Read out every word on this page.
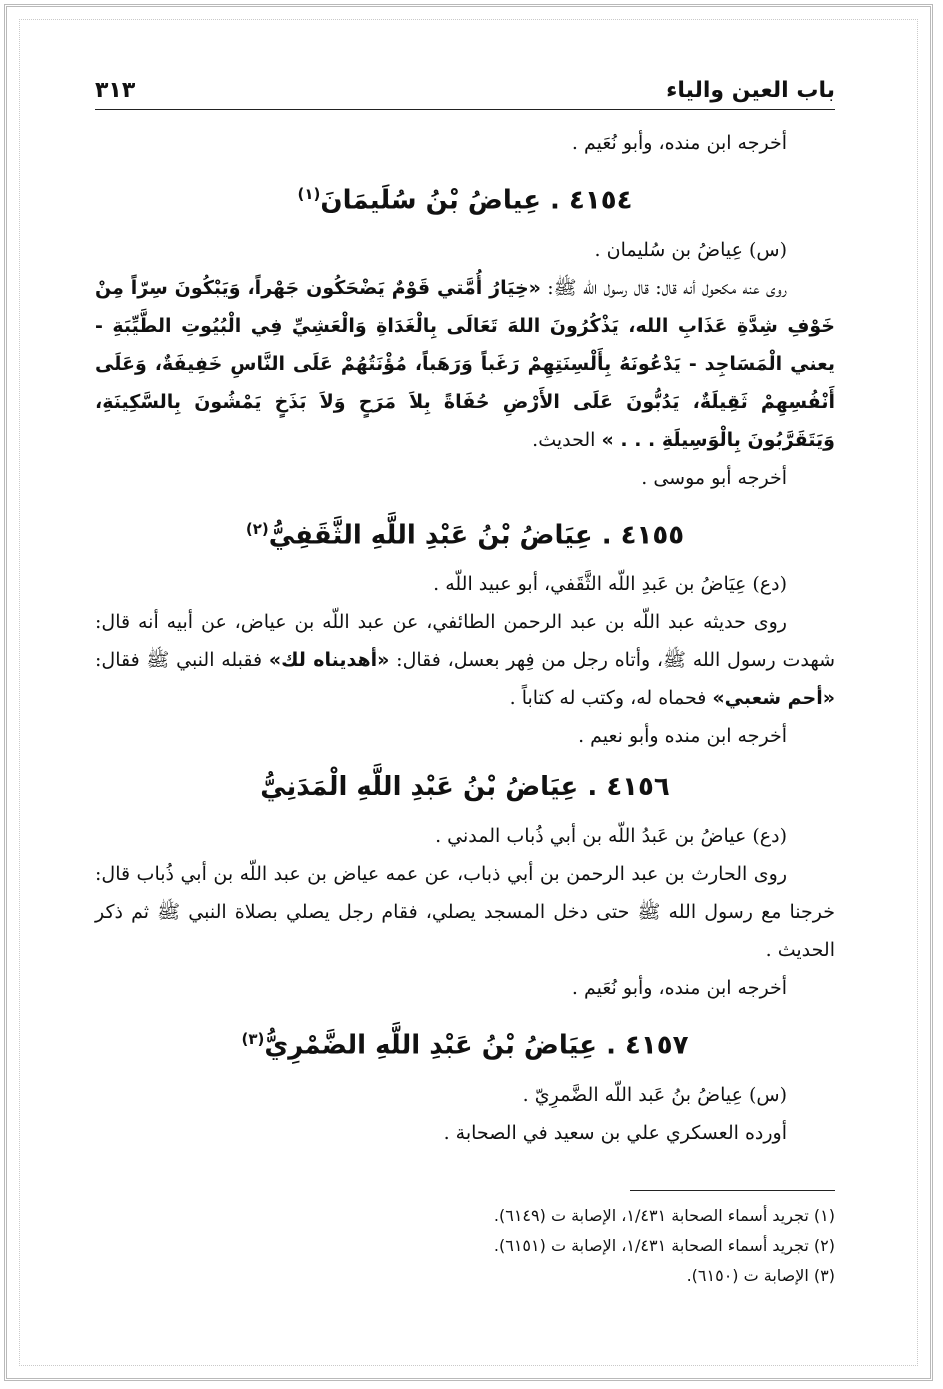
باب العين والياء
٣١٣

أخرجه ابن منده، وأبو نُعَيم .

٤١٥٤ . عِياضُ بْنُ سُلَيمَانَ$^{(١)}$

(س) عِياضُ بن سُليمان .

روى عنه مكحول أنه قال: قال رسول الله ﷺ: «خِيَارُ أُمَّتي قَوْمٌ يَضْحَكُون جَهْراً، وَيَبْكُونَ سِرّاً مِنْ خَوْفِ شِدَّةِ عَذَابِ الله، يَذْكُرُونَ اللهَ تَعَالَى بِالْغَدَاةِ وَالْعَشِيِّ فِي الْبُيُوتِ الطَّيِّبَةِ - يعني الْمَسَاجِد - يَدْعُونَهُ بِأَلْسِنَتِهِمْ رَغَباً وَرَهَباً، مُؤْنَتُهُمْ عَلَى النَّاسِ خَفِيفَةٌ، وَعَلَى أَنْفُسِهِمْ ثَقِيلَةٌ، يَدُبُّونَ عَلَى الأَرْضِ حُفَاةً بِلاَ مَرَحٍ وَلاَ بَذَخٍ يَمْشُونَ بِالسَّكِينَةِ، وَيَتَقَرَّبُونَ بِالْوَسِيلَةِ . . . » الحديث.

أخرجه أبو موسى .

٤١٥٥ . عِيَاضُ بْنُ عَبْدِ اللَّهِ الثَّقَفِيُّ$^{(٢)}$

(دع) عِيَاضُ بن عَبدِ اللّه الثَّقَفي، أبو عبيد اللّه .

روى حديثه عبد اللّه بن عبد الرحمن الطائفي، عن عبد اللّه بن عياض، عن أبيه أنه قال: شهدت رسول الله ﷺ، وأتاه رجل من فِهر بعسل، فقال: «أهديناه لك» فقبله النبي ﷺ فقال: «أحم شعبي» فحماه له، وكتب له كتاباً .

أخرجه ابن منده وأبو نعيم .

٤١٥٦ . عِيَاضُ بْنُ عَبْدِ اللَّهِ الْمَدَنِيُّ

(دع) عياضُ بن عَبدُ اللّه بن أبي ذُباب المدني .

روى الحارث بن عبد الرحمن بن أبي ذباب، عن عمه عياض بن عبد اللّه بن أبي ذُباب قال: خرجنا مع رسول الله ﷺ حتى دخل المسجد يصلي، فقام رجل يصلي بصلاة النبي ﷺ ثم ذكر الحديث .

أخرجه ابن منده، وأبو نُعَيم .

٤١٥٧ . عِيَاضُ بْنُ عَبْدِ اللَّهِ الضَّمْرِيُّ$^{(٣)}$

(س) عِياضُ بنُ عَبد اللّه الضَّمرِيّ .

أورده العسكري علي بن سعيد في الصحابة .

(١) تجريد أسماء الصحابة ١/٤٣١، الإصابة ت (٦١٤٩).

(٢) تجريد أسماء الصحابة ١/٤٣١، الإصابة ت (٦١٥١).

(٣) الإصابة ت (٦١٥٠).
